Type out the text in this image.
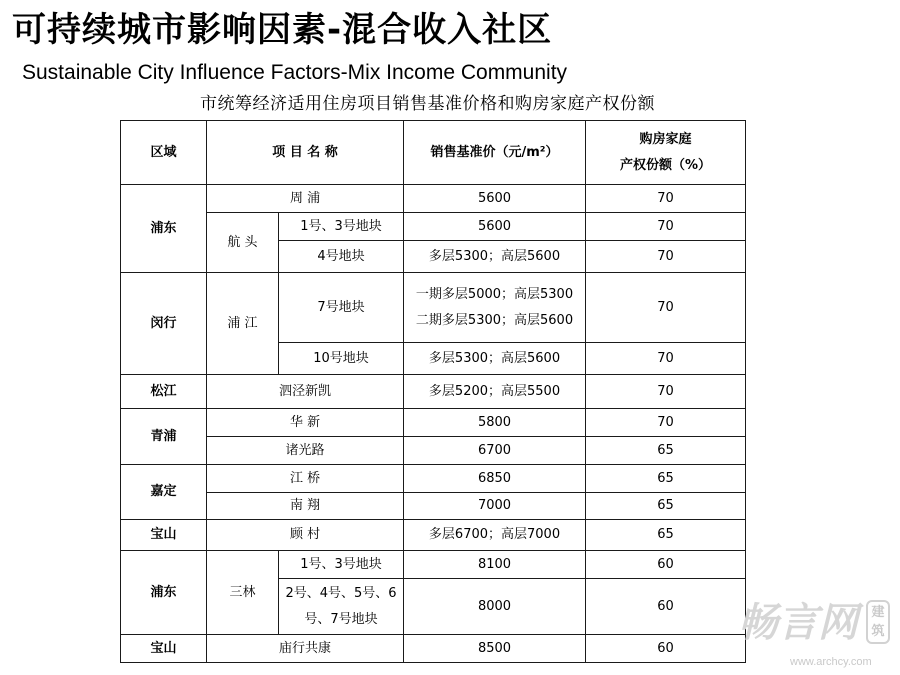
可持续城市影响因素-混合收入社区
Sustainable City Influence Factors-Mix Income Community
市统筹经济适用住房项目销售基准价格和购房家庭产权份额
区域	项 目 名 称		销售基准价（元/m²）	购房家庭
产权份额（%）

浦东	周 浦		5600	70
	航 头	1号、3号地块	5600	70
		4号地块	多层5300；高层5600	70
闵行	浦 江	7号地块	一期多层5000；高层5300
二期多层5300；高层5600	70
		10号地块	多层5300；高层5600	70
松江	泗泾新凯		多层5200；高层5500	70
青浦	华 新		5800	70
	诸光路		6700	65
嘉定	江 桥		6850	65
	南 翔		7000	65
宝山	顾 村		多层6700；高层7000	65
浦东	三林	1号、3号地块	8100	60
		2号、4号、5号、6号、7号地块	8000	60
宝山	庙行共康		8500	60
畅言网	建筑
www.archcy.com
